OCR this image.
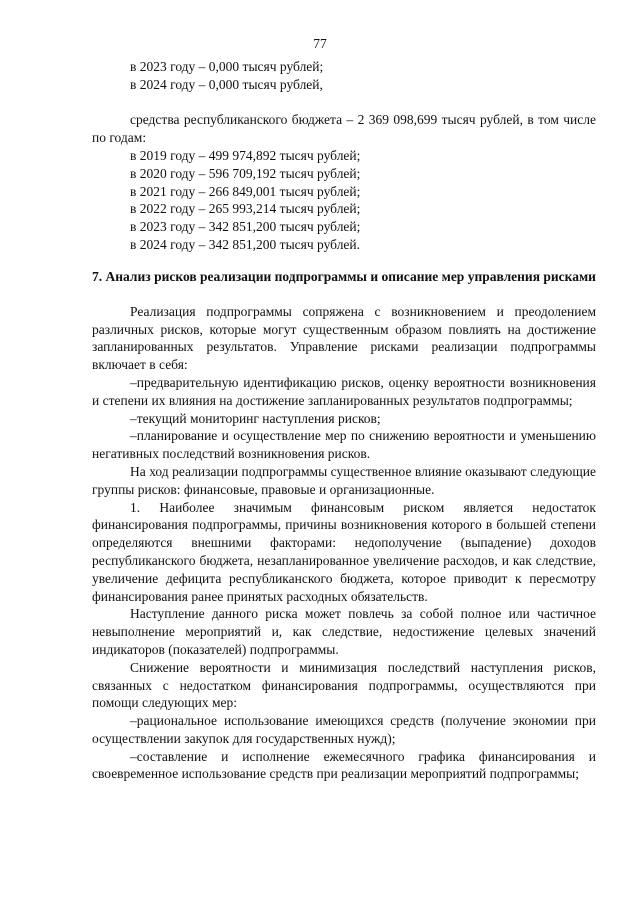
77

в 2023 году – 0,000 тысяч рублей;

в 2024 году – 0,000 тысяч рублей,

средства республиканского бюджета – 2 369 098,699 тысяч рублей, в том числе по годам:

в 2019 году – 499 974,892 тысяч рублей;

в 2020 году – 596 709,192 тысяч рублей;

в 2021 году – 266 849,001 тысяч рублей;

в 2022 году – 265 993,214 тысяч рублей;

в 2023 году – 342 851,200 тысяч рублей;

в 2024 году – 342 851,200 тысяч рублей.

7. Анализ рисков реализации подпрограммы и описание мер управления рисками

Реализация подпрограммы сопряжена с возникновением и преодолением различных рисков, которые могут существенным образом повлиять на достижение запланированных результатов. Управление рисками реализации подпрограммы включает в себя:

–предварительную идентификацию рисков, оценку вероятности возникновения и степени их влияния на достижение запланированных результатов подпрограммы;

–текущий мониторинг наступления рисков;

–планирование и осуществление мер по снижению вероятности и уменьшению негативных последствий возникновения рисков.

На ход реализации подпрограммы существенное влияние оказывают следующие группы рисков: финансовые, правовые и организационные.

1. Наиболее значимым финансовым риском является недостаток финансирования подпрограммы, причины возникновения которого в большей степени определяются внешними факторами: недополучение (выпадение) доходов республиканского бюджета, незапланированное увеличение расходов, и как следствие, увеличение дефицита республиканского бюджета, которое приводит к пересмотру финансирования ранее принятых расходных обязательств.

Наступление данного риска может повлечь за собой полное или частичное невыполнение мероприятий и, как следствие, недостижение целевых значений индикаторов (показателей) подпрограммы.

Снижение вероятности и минимизация последствий наступления рисков, связанных с недостатком финансирования подпрограммы, осуществляются при помощи следующих мер:

–рациональное использование имеющихся средств (получение экономии при осуществлении закупок для государственных нужд);

–составление и исполнение ежемесячного графика финансирования и своевременное использование средств при реализации мероприятий подпрограммы;
